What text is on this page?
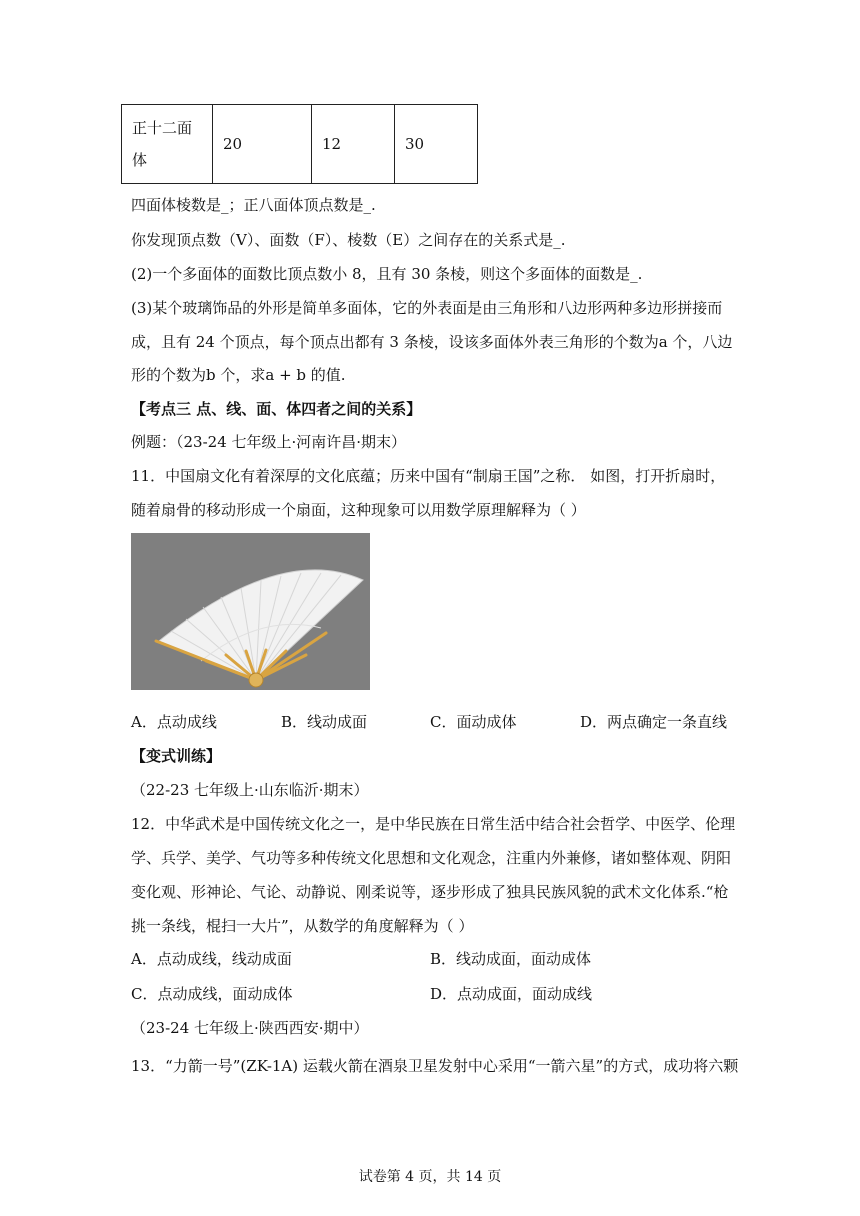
正十二面
体	20	12	30
四面体棱数是_；正八面体顶点数是_.
你发现顶点数（V）、面数（F）、棱数（E）之间存在的关系式是_.
(2)一个多面体的面数比顶点数小 8，且有 30 条棱，则这个多面体的面数是_.
(3)某个玻璃饰品的外形是简单多面体，它的外表面是由三角形和八边形两种多边形拼接而
成，且有 24 个顶点，每个顶点出都有 3 条棱，设该多面体外表三角形的个数为a 个，八边
形的个数为b 个，求a + b 的值.
【考点三 点、线、面、体四者之间的关系】
例题：（23-24 七年级上·河南许昌·期末）
11．中国扇文化有着深厚的文化底蕴；历来中国有“制扇王国”之称． 如图，打开折扇时，
随着扇骨的移动形成一个扇面，这种现象可以用数学原理解释为（ ）
A．点动成线	B．线动成面	C．面动成体	D．两点确定一条直线
【变式训练】
（22-23 七年级上·山东临沂·期末）
12．中华武术是中国传统文化之一，是中华民族在日常生活中结合社会哲学、中医学、伦理
学、兵学、美学、气功等多种传统文化思想和文化观念，注重内外兼修，诸如整体观、阴阳
变化观、形神论、气论、动静说、刚柔说等，逐步形成了独具民族风貌的武术文化体系.“枪
挑一条线，棍扫一大片”，从数学的角度解释为（ ）
A．点动成线，线动成面	B．线动成面，面动成体
C．点动成线，面动成体	D．点动成面，面动成线
（23-24 七年级上·陕西西安·期中）
13．“力箭一号”(ZK-1A) 运载火箭在酒泉卫星发射中心采用“一箭六星”的方式，成功将六颗
试卷第 4 页，共 14 页
